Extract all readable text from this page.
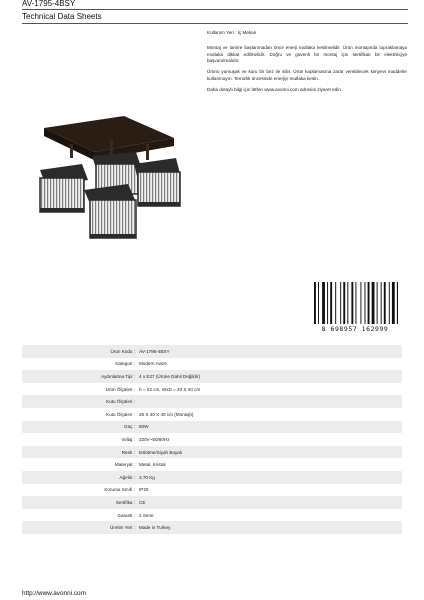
AV-1795-4BSY
Technical Data Sheets

Kullanım Yeri : İç Mekan

Montaj ve tamire başlanmadan önce enerji mutlaka kesilmelidir. Ürün montajında topraklamaya mutlaka dikkat edilmelidir. Doğru ve güvenli bir montaj için sertifikalı bir elektrikçiye başvurulmalıdır.

Ürünü yumuşak ve kuru bir bez ile silin. Ürün kaplamasına zarar verebilecek kimyevi maddeler kullanmayın. Temizlik öncesinde enerjiyi mutlaka kesin.

Daha detaylı bilgi için lütfen www.avonni.com adresini ziyaret edin.

8 698957 162999
Ürün Kodu :	AV-1795-4BSY
Kategori :	Modern Avize
Aydınlatma Tipi :	4 x E27 (Ürüne Dahil Değildir)
Ürün Ölçüleri :	h = 22 cm, WxD = 40 X 40 cm
Kutu Ölçüleri :	
Kutu Ölçüleri :	25 X 40 X 40 cm (Montajlı)
Güç :	60W
Voltaj :	220V~50/60Hz
Renk :	Eskitme/Siyah Boyalı
Materyal :	Metal, Kristal
Ağırlık :	3.70 Kg
Koruma Sınıfı :	IP20
Sertifika :	CE
Garanti :	2 Sene
Üretim Yeri :	Made in Turkey
http://www.avonni.com
